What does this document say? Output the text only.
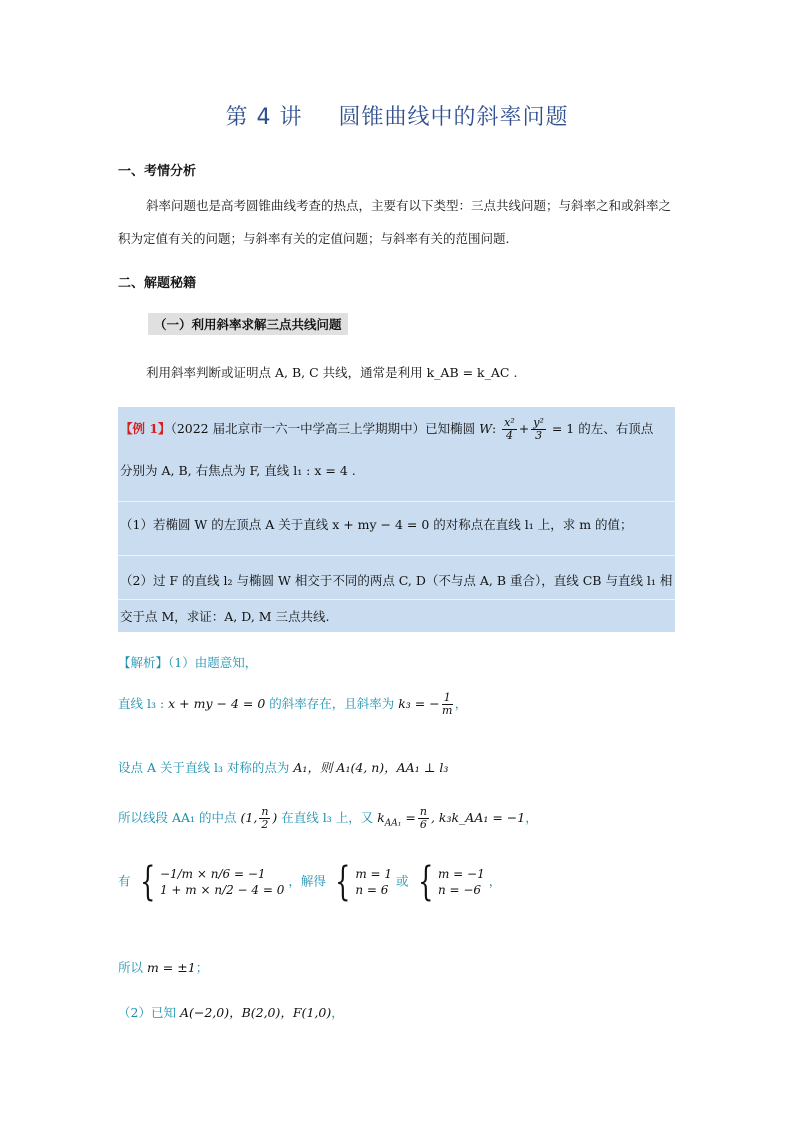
第 4 讲 圆锥曲线中的斜率问题
一、考情分析
斜率问题也是高考圆锥曲线考查的热点，主要有以下类型：三点共线问题；与斜率之和或斜率之积为定值有关的问题；与斜率有关的定值问题；与斜率有关的范围问题.
二、解题秘籍
（一）利用斜率求解三点共线问题
利用斜率判断或证明点 A, B, C 共线，通常是利用 k_AB = k_AC .
【例 1】（2022 届北京市一六一中学高三上学期期中）已知椭圆 W: $\frac{\text{x²}}{4} + \frac{\text{y²}}{3} = 1$ 的左、右顶点
分别为 A, B, 右焦点为 F, 直线 l₁ : x = 4 .
（1）若椭圆 W 的左顶点 A 关于直线 x + my − 4 = 0 的对称点在直线 l₁ 上，求 m 的值；
（2）过 F 的直线 l₂ 与椭圆 W 相交于不同的两点 C, D（不与点 A, B 重合），直线 CB 与直线 l₁ 相
交于点 M，求证：A, D, M 三点共线.
【解析】（1）由题意知，
直线 l₃ : x + my − 4 = 0 的斜率存在，且斜率为 k₃ = − $\frac{1}{m}$ ，
设点 A 关于直线 l₃ 对称的点为 A₁，则 A₁(4, n)，AA₁ ⊥ l₃
所以线段 AA₁ 的中点 (1, $\frac{n}{2}$ ) 在直线 l₃ 上，又 $k_{AA_1} = \frac{n}{6}$ , k₃k_AA₁ = −1，
有 { −1/m × n/6 = −1
1 + m × n/2 − 4 = 0
，解得 { m = 1
n = 6
或 { m = −1
n = −6
，
所以 m = ±1；
（2）已知 A(−2,0)，B(2,0)，F(1,0)，
